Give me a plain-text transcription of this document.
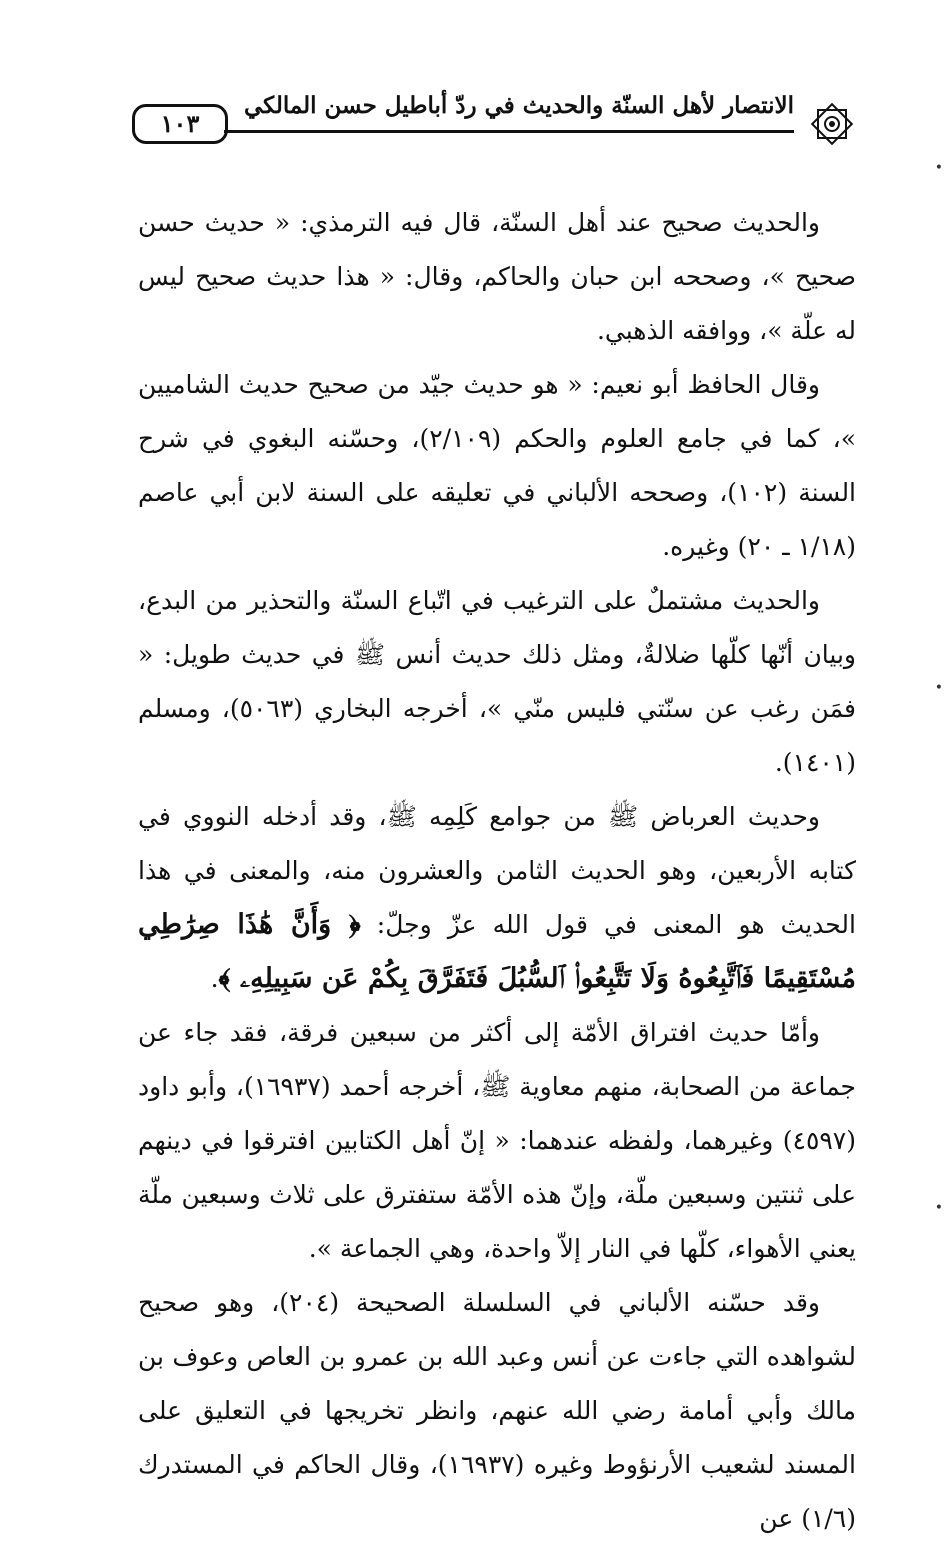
١٠٣
الانتصار لأهل السنّة والحديث في ردّ أباطيل حسن المالكي
•
•
•

والحديث صحيح عند أهل السنّة، قال فيه الترمذي: « حديث حسن صحيح »، وصححه ابن حبان والحاكم، وقال: « هذا حديث صحيح ليس له علّة »، ووافقه الذهبي.

وقال الحافظ أبو نعيم: « هو حديث جيّد من صحيح حديث الشاميين »، كما في جامع العلوم والحكم (٢/١٠٩)، وحسّنه البغوي في شرح السنة (١٠٢)، وصححه الألباني في تعليقه على السنة لابن أبي عاصم (١/١٨ ـ ٢٠) وغيره.

والحديث مشتملٌ على الترغيب في اتّباع السنّة والتحذير من البدع، وبيان أنّها كلّها ضلالةٌ، ومثل ذلك حديث أنس ﷺ في حديث طويل: « فمَن رغب عن سنّتي فليس منّي »، أخرجه البخاري (٥٠٦٣)، ومسلم (١٤٠١).

وحديث العرباض ﷺ من جوامع كَلِمِه ﷺ، وقد أدخله النووي في كتابه الأربعين، وهو الحديث الثامن والعشرون منه، والمعنى في هذا الحديث هو المعنى في قول الله عزّ وجلّ: ﴿ وَأَنَّ هَٰذَا صِرَٰطِي مُسْتَقِيمًا فَٱتَّبِعُوهُ وَلَا تَتَّبِعُوا۟ ٱلسُّبُلَ فَتَفَرَّقَ بِكُمْ عَن سَبِيلِهِۦ ﴾.

وأمّا حديث افتراق الأمّة إلى أكثر من سبعين فرقة، فقد جاء عن جماعة من الصحابة، منهم معاوية ﷺ، أخرجه أحمد (١٦٩٣٧)، وأبو داود (٤٥٩٧) وغيرهما، ولفظه عندهما: « إنّ أهل الكتابين افترقوا في دينهم على ثنتين وسبعين ملّة، وإنّ هذه الأمّة ستفترق على ثلاث وسبعين ملّة يعني الأهواء، كلّها في النار إلاّ واحدة، وهي الجماعة ».

وقد حسّنه الألباني في السلسلة الصحيحة (٢٠٤)، وهو صحيح لشواهده التي جاءت عن أنس وعبد الله بن عمرو بن العاص وعوف بن مالك وأبي أمامة رضي الله عنهم، وانظر تخريجها في التعليق على المسند لشعيب الأرنؤوط وغيره (١٦٩٣٧)، وقال الحاكم في المستدرك (١/٦) عن
